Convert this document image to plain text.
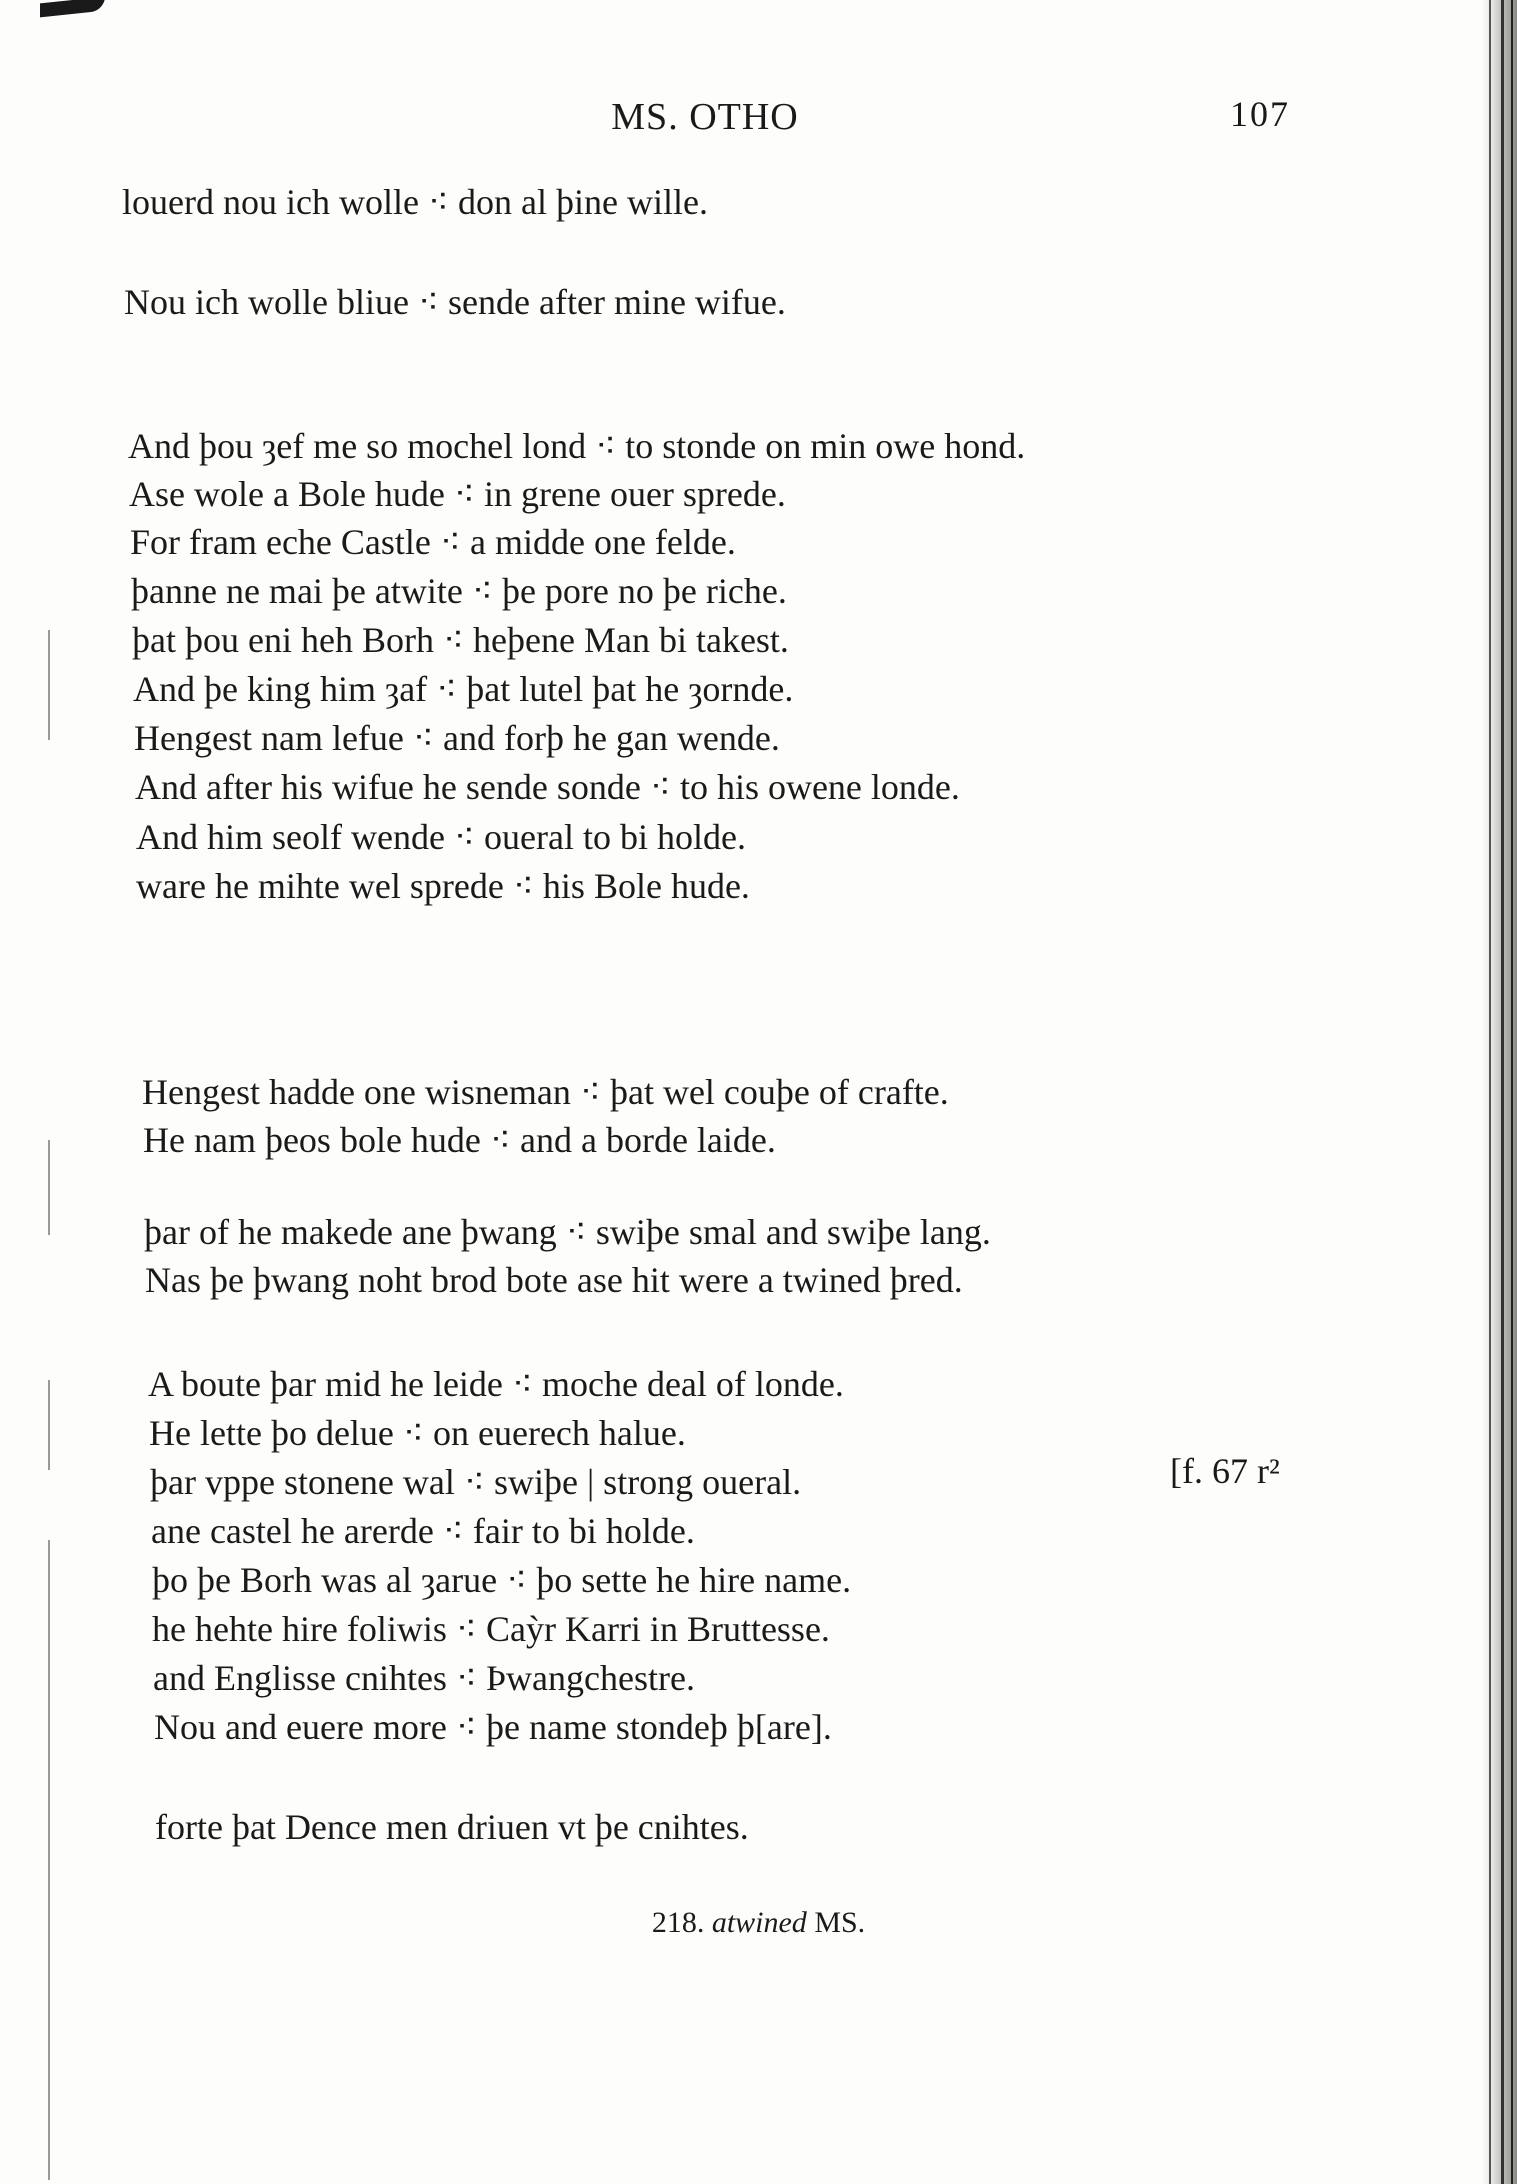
MS. OTHO	107
louerd nou ich wolle ⁖ don al þine wille.
Nou ich wolle bliue ⁖ sende after mine wifue.
And þou ȝef me so mochel lond ⁖ to stonde on min owe hond.
Ase wole a Bole hude ⁖ in grene ouer sprede.
For fram eche Castle ⁖ a midde one felde.
þanne ne mai þe atwite ⁖ þe pore no þe riche.
þat þou eni heh Borh ⁖ heþene Man bi takest.
And þe king him ȝaf ⁖ þat lutel þat he ȝornde.
Hengest nam lefue ⁖ and forþ he gan wende.
And after his wifue he sende sonde ⁖ to his owene londe.
And him seolf wende ⁖ oueral to bi holde.
ware he mihte wel sprede ⁖ his Bole hude.
Hengest hadde one wisneman ⁖ þat wel couþe of crafte.
He nam þeos bole hude ⁖ and a borde laide.
þar of he makede ane þwang ⁖ swiþe smal and swiþe lang.
Nas þe þwang noht brod bote ase hit were a twined þred.
A boute þar mid he leide ⁖ moche deal of londe.
He lette þo delue ⁖ on euerech halue.
þar vppe stonene wal ⁖ swiþe | strong oueral.
ane castel he arerde ⁖ fair to bi holde.
þo þe Borh was al ȝarue ⁖ þo sette he hire name.
he hehte hire foliwis ⁖ Caỳr Karri in Bruttesse.
and Englisse cnihtes ⁖ Þwangchestre.
Nou and euere more ⁖ þe name stondeþ þ[are].
forte þat Dence men driuen vt þe cnihtes.
[f. 67 r²
218. atwined MS.
